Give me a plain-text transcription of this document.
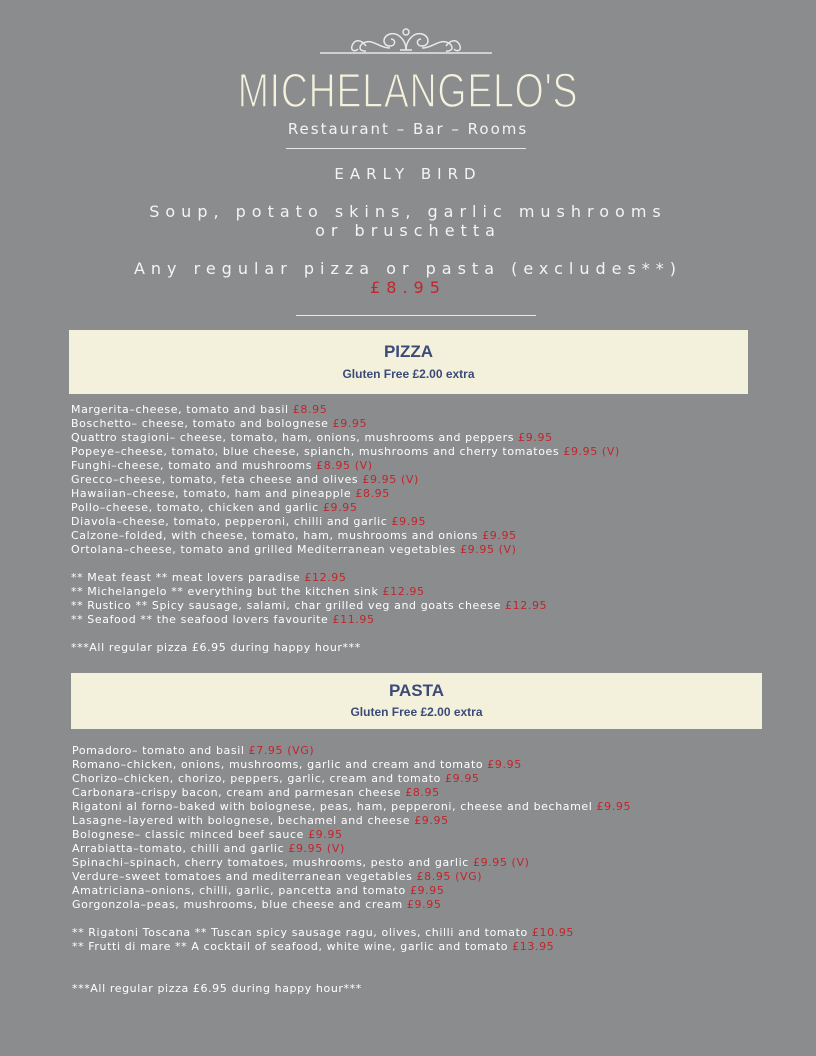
MICHELANGELO'S
Restaurant – Bar – Rooms
EARLY BIRD
Soup, potato skins, garlic mushrooms
or bruschetta
Any regular pizza or pasta (excludes**)
£8.95
PIZZA
Gluten Free £2.00 extra
Margerita–cheese, tomato and basil £8.95
Boschetto– cheese, tomato and bolognese £9.95
Quattro stagioni– cheese, tomato, ham, onions, mushrooms and peppers £9.95
Popeye–cheese, tomato, blue cheese, spianch, mushrooms and cherry tomatoes £9.95 (V)
Funghi–cheese, tomato and mushrooms £8.95 (V)
Grecco–cheese, tomato, feta cheese and olives £9.95 (V)
Hawaiian–cheese, tomato, ham and pineapple £8.95
Pollo–cheese, tomato, chicken and garlic £9.95
Diavola–cheese, tomato, pepperoni, chilli and garlic £9.95
Calzone–folded, with cheese, tomato, ham, mushrooms and onions £9.95
Ortolana–cheese, tomato and grilled Mediterranean vegetables £9.95 (V)
** Meat feast ** meat lovers paradise £12.95
** Michelangelo ** everything but the kitchen sink £12.95
** Rustico ** Spicy sausage, salami, char grilled veg and goats cheese £12.95
** Seafood ** the seafood lovers favourite £11.95
***All regular pizza £6.95 during happy hour***
PASTA
Gluten Free £2.00 extra
Pomadoro– tomato and basil £7.95 (VG)
Romano–chicken, onions, mushrooms, garlic and cream and tomato £9.95
Chorizo–chicken, chorizo, peppers, garlic, cream and tomato £9.95
Carbonara–crispy bacon, cream and parmesan cheese £8.95
Rigatoni al forno–baked with bolognese, peas, ham, pepperoni, cheese and bechamel £9.95
Lasagne–layered with bolognese, bechamel and cheese £9.95
Bolognese– classic minced beef sauce £9.95
Arrabiatta–tomato, chilli and garlic £9.95 (V)
Spinachi–spinach, cherry tomatoes, mushrooms, pesto and garlic £9.95 (V)
Verdure–sweet tomatoes and mediterranean vegetables £8.95 (VG)
Amatriciana–onions, chilli, garlic, pancetta and tomato £9.95
Gorgonzola–peas, mushrooms, blue cheese and cream £9.95
** Rigatoni Toscana ** Tuscan spicy sausage ragu, olives, chilli and tomato £10.95
** Frutti di mare ** A cocktail of seafood, white wine, garlic and tomato £13.95
***All regular pizza £6.95 during happy hour***
